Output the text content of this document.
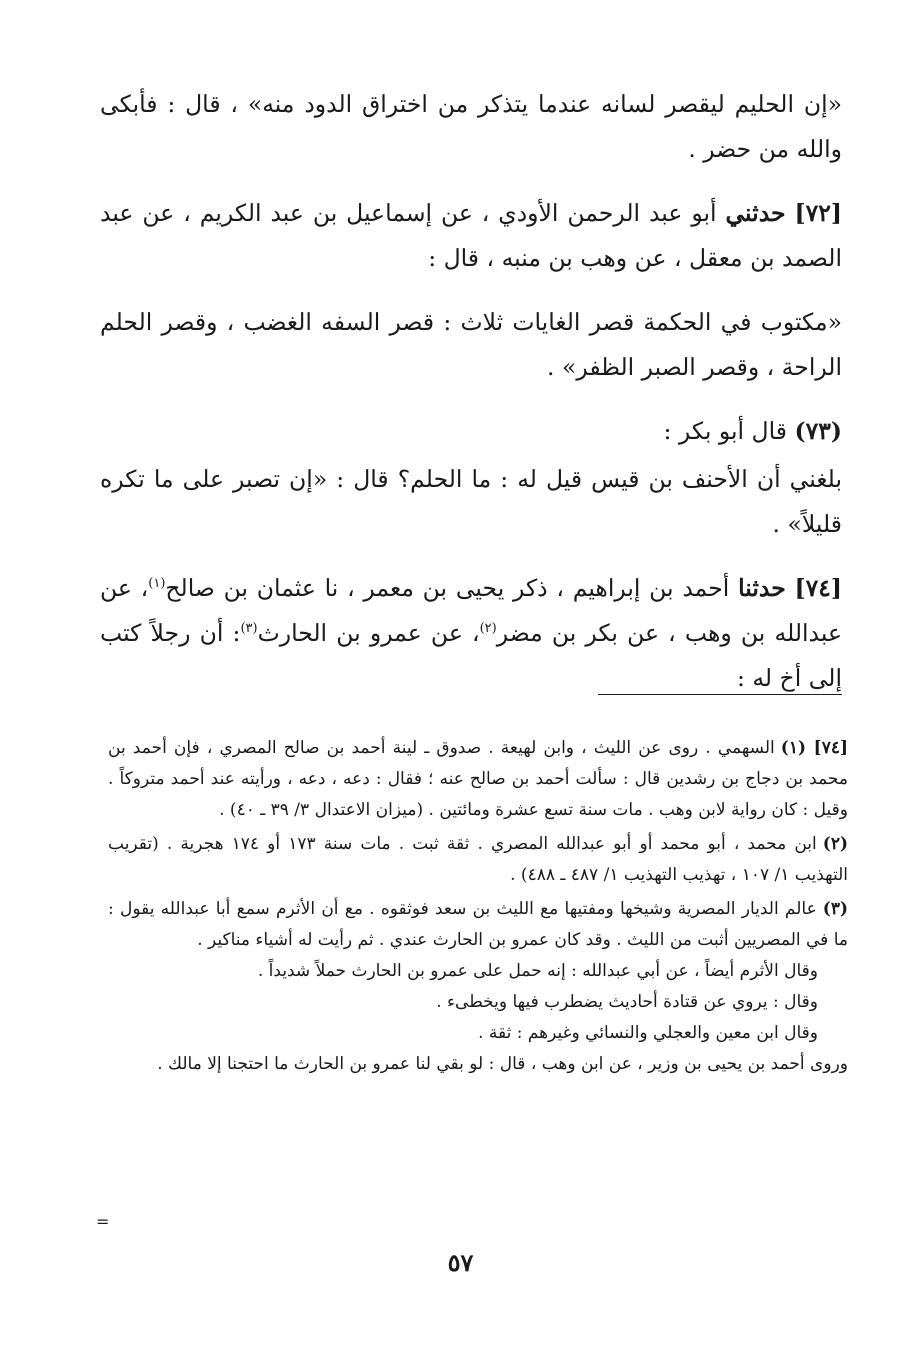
«إن الحليم ليقصر لسانه عندما يتذكر من اختراق الدود منه» ، قال : فأبكى والله من حضر .

[٧٢] حدثني أبو عبد الرحمن الأودي ، عن إسماعيل بن عبد الكريم ، عن عبد الصمد بن معقل ، عن وهب بن منبه ، قال :

«مكتوب في الحكمة قصر الغايات ثلاث : قصر السفه الغضب ، وقصر الحلم الراحة ، وقصر الصبر الظفر» .

(٧٣) قال أبو بكر :

بلغني أن الأحنف بن قيس قيل له : ما الحلم؟ قال : «إن تصبر على ما تكره قليلاً» .

[٧٤] حدثنا أحمد بن إبراهيم ، ذكر يحيى بن معمر ، نا عثمان بن صالح$^{(١)}$، عن عبدالله بن وهب ، عن بكر بن مضر$^{(٢)}$، عن عمرو بن الحارث$^{(٣)}$: أن رجلاً كتب إلى أخ له :

[٧٤] (١)السهمي . روى عن الليث ، وابن لهيعة . صدوق ـ لينة أحمد بن صالح المصري ، فإن أحمد بن محمد بن دجاج بن رشدين قال : سألت أحمد بن صالح عنه ؛ فقال : دعه ، دعه ، ورأيته عند أحمد متروكاً . وقيل : كان رواية لابن وهب . مات سنة تسع عشرة ومائتين . (ميزان الاعتدال ٣/ ٣٩ ـ ٤٠) .
(٢)ابن محمد ، أبو محمد أو أبو عبدالله المصري . ثقة ثبت . مات سنة ١٧٣ أو ١٧٤ هجرية . (تقريب التهذيب ١/ ١٠٧ ، تهذيب التهذيب ١/ ٤٨٧ ـ ٤٨٨) .
(٣)عالم الديار المصرية وشيخها ومفتيها مع الليث بن سعد فوثقوه . مع أن الأثرم سمع أبا عبدالله يقول : ما في المصريين أثبت من الليث . وقد كان عمرو بن الحارث عندي . ثم رأيت له أشياء مناكير .
وقال الأثرم أيضاً ، عن أبي عبدالله : إنه حمل على عمرو بن الحارث حملاً شديداً .
وقال : يروي عن قتادة أحاديث يضطرب فيها ويخطىء .
وقال ابن معين والعجلي والنسائي وغيرهم : ثقة .
وروى أحمد بن يحيى بن وزير ، عن ابن وهب ، قال : لو بقي لنا عمرو بن الحارث ما احتجنا إلا مالك .
=
٥٧
